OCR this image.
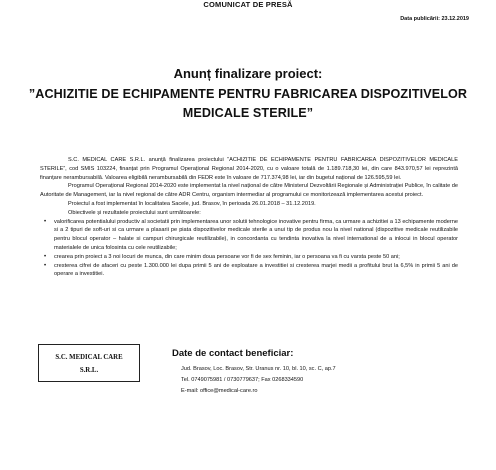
COMUNICAT DE PRESĂ
Data publicării: 23.12.2019
Anunț finalizare proiect:
”ACHIZITIE DE ECHIPAMENTE PENTRU FABRICAREA DISPOZITIVELOR MEDICALE STERILE”

S.C. MEDICAL CARE S.R.L. anunță finalizarea proiectului ”ACHIZITIE DE ECHIPAMENTE PENTRU FABRICAREA DISPOZITIVELOR MEDICALE STERILE”, cod SMIS 103224, finanțat prin Programul Operațional Regional 2014-2020, cu o valoare totală de 1.189.718,30 lei, din care 843.970,57 lei reprezintă finanțare nerambursabilă. Valoarea eligibilă nerambursabilă din FEDR este în valoare de 717.374,98 lei, iar din bugetul național de 126.595,59 lei.

Programul Operațional Regional 2014-2020 este implementat la nivel național de către Ministerul Dezvoltării Regionale și Administrației Publice, în calitate de Autoritate de Management, iar la nivel regional de către ADR Centru, organism intermediar al programului ce monitorizează implementarea acestui proiect.

Proiectul a fost implementat în localitatea Sacele, jud. Brasov, în perioada 26.01.2018 – 31.12.2019.

Obiectivele și rezultatele proiectului sunt următoarele:

• valorificarea potentialului productiv al societatii prin implementarea unor solutii tehnologice inovative pentru firma, ca urmare a achizitiei a 13 echipamente moderne si a 2 tipuri de soft-uri si ca urmare a plasarii pe piata dispozitivelor medicale sterile a unui tip de produs nou la nivel national (dispozitive medicale reutilizabile pentru blocul operator – halate si campuri chirurgicale reutilizabile), in concordanta cu tendinta inovativa la nivel international de a inlocui in blocul operator materialele de unica folosinta cu cele reutilizabile;
• crearea prin proiect a 3 noi locuri de munca, din care minim doua persoane vor fi de sex feminin, iar o persoana va fi cu varsta peste 50 ani;
• cresterea cifrei de afaceri cu peste 1.300.000 lei dupa primii 5 ani de exploatare a investitiei si cresterea marjei medii a profitului brut la 6,5% in primii 5 ani de operare a investitiei.
S.C. MEDICAL CARE
S.R.L.
Date de contact beneficiar:
Jud. Brasov, Loc. Brasov, Str. Uranus nr. 10, bl. 10, sc. C, ap.7
Tel. 0749075981 / 0730779637; Fax 0268334590
E-mail: office@medical-care.ro
